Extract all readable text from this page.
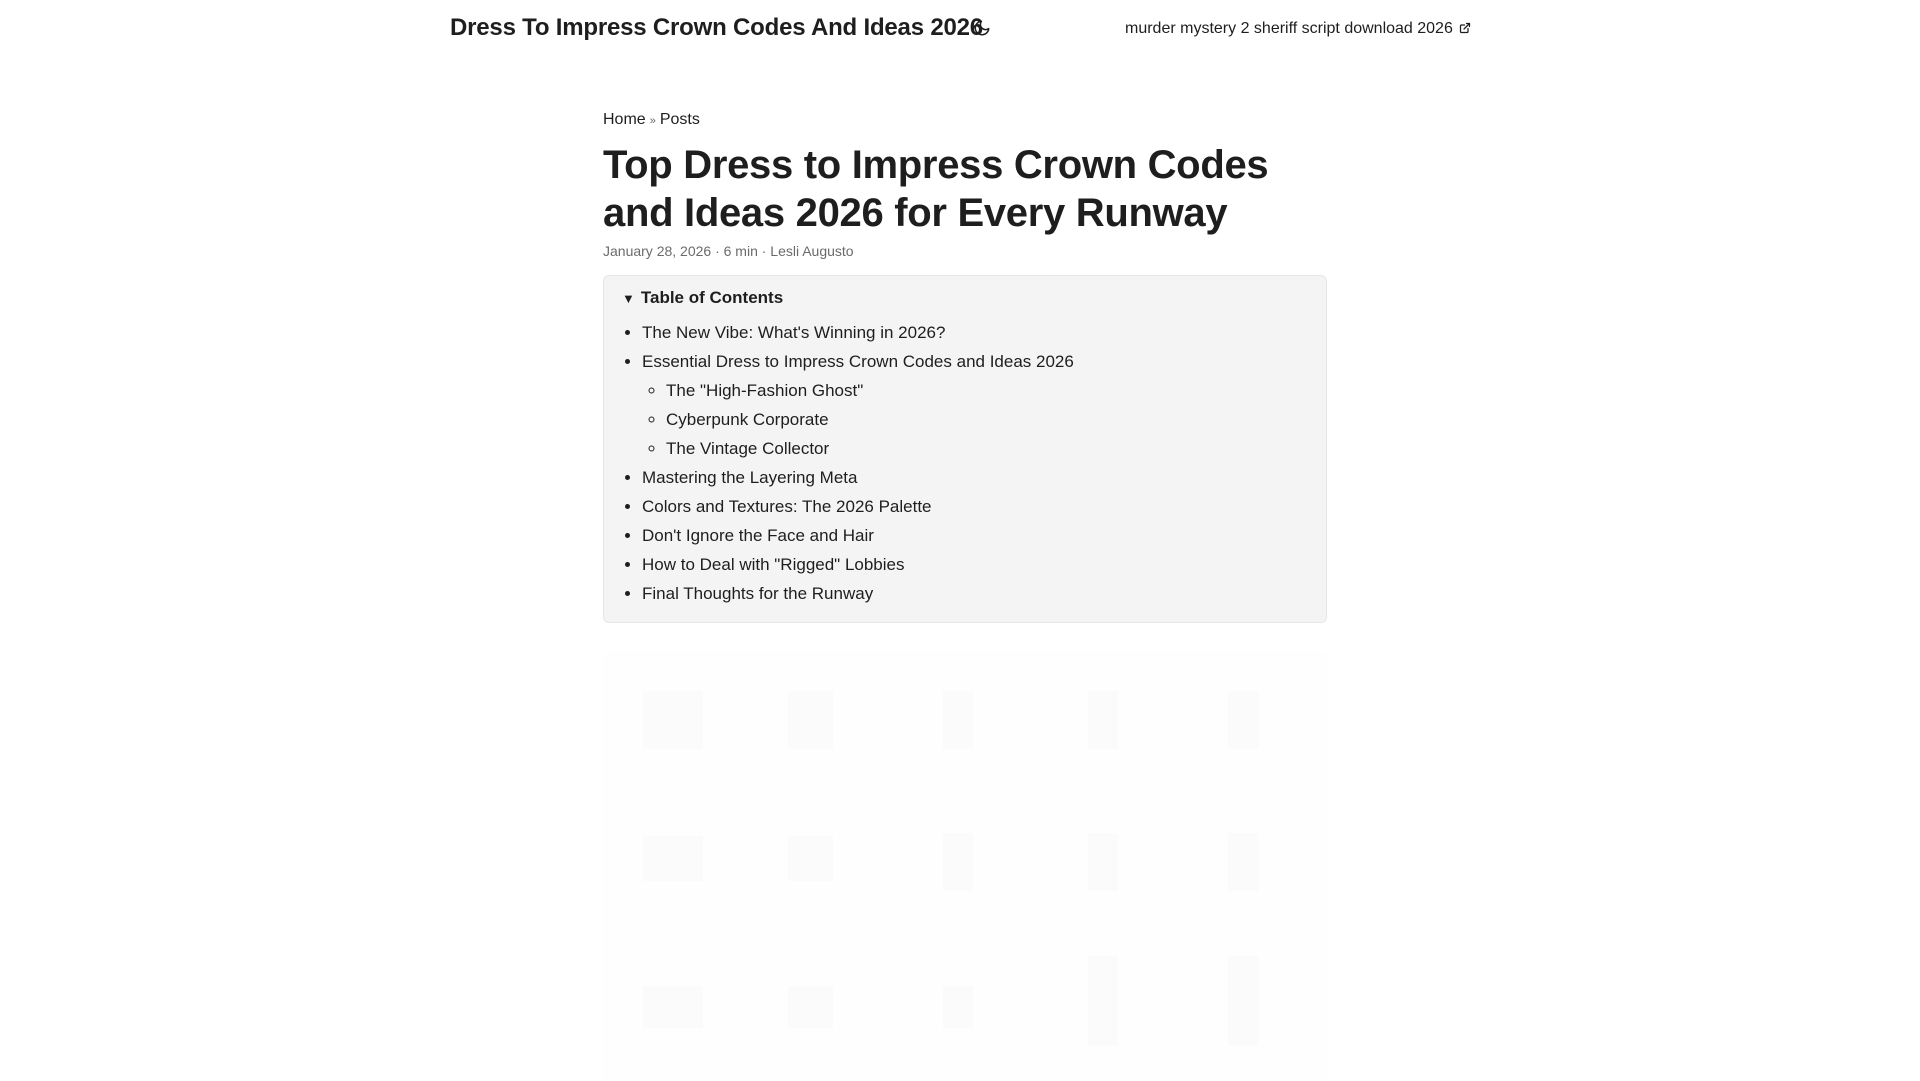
Dress To Impress Crown Codes And Ideas 2026	murder mystery 2 sheriff script download 2026
Home » Posts
Top Dress to Impress Crown Codes and Ideas 2026 for Every Runway
January 28, 2026 · 6 min · Lesli Augusto
▼ Table of Contents
• The New Vibe: What's Winning in 2026?
• Essential Dress to Impress Crown Codes and Ideas 2026
◦ The "High-Fashion Ghost"
◦ Cyberpunk Corporate
◦ The Vintage Collector
• Mastering the Layering Meta
• Colors and Textures: The 2026 Palette
• Don't Ignore the Face and Hair
• How to Deal with "Rigged" Lobbies
• Final Thoughts for the Runway
